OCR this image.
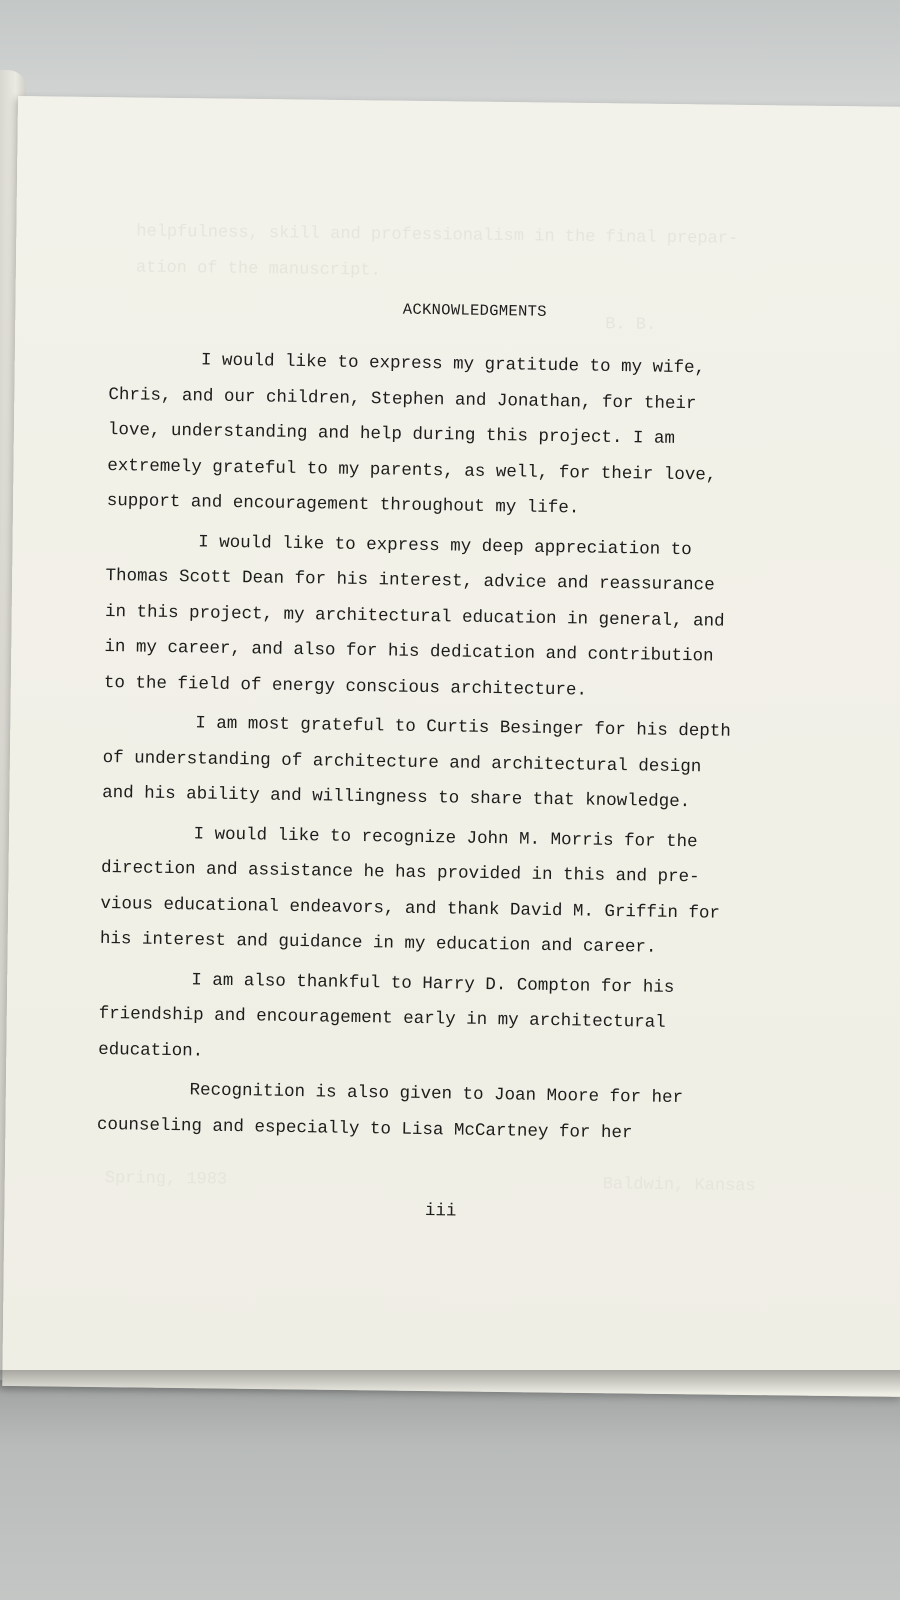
helpfulness, skill and professionalism in the final prepar-
ation of the manuscript.
B. B.
Spring, 1983	Baldwin, Kansas
ACKNOWLEDGMENTS
I would like to express my gratitude to my wife,
Chris, and our children, Stephen and Jonathan, for their
love, understanding and help during this project. I am
extremely grateful to my parents, as well, for their love,
support and encouragement throughout my life.
I would like to express my deep appreciation to
Thomas Scott Dean for his interest, advice and reassurance
in this project, my architectural education in general, and
in my career, and also for his dedication and contribution
to the field of energy conscious architecture.
I am most grateful to Curtis Besinger for his depth
of understanding of architecture and architectural design
and his ability and willingness to share that knowledge.
I would like to recognize John M. Morris for the
direction and assistance he has provided in this and pre-
vious educational endeavors, and thank David M. Griffin for
his interest and guidance in my education and career.
I am also thankful to Harry D. Compton for his
friendship and encouragement early in my architectural
education.
Recognition is also given to Joan Moore for her
counseling and especially to Lisa McCartney for her
iii
